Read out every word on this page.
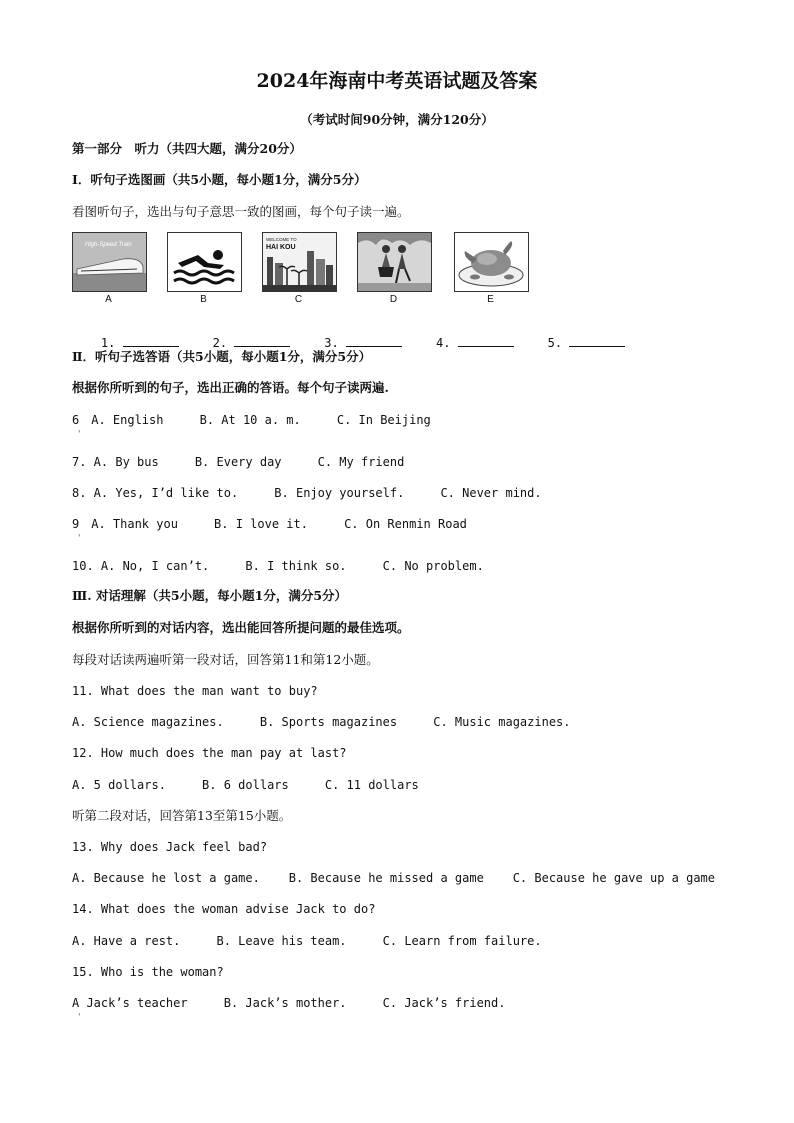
2024年海南中考英语试题及答案
（考试时间90分钟，满分120分）
第一部分　听力（共四大题，满分20分）
Ⅰ．听句子选图画（共5小题，每小题1分，满分5分）
看图听句子，选出与句子意思一致的图画，每个句子读一遍。
High-Speed Train
A	B
WELCOME TO
HAI KOU
C	D	E

1.	2.	3.	4.	5.

Ⅱ．听句子选答语（共5小题，每小题1分，满分5分）
根据你所听到的句子，选出正确的答语。每个句子读两遍.
6　A. English     B. At 10 a. m.     C. In Beijing
'
7. A. By bus     B. Every day     C. My friend
8. A. Yes, I’d like to.     B. Enjoy yourself.     C. Never mind.
9　A. Thank you     B. I love it.     C. On Renmin Road
'
10. A. No, I can’t.     B. I think so.     C. No problem.
Ⅲ. 对话理解（共5小题，每小题1分，满分5分）
根据你所听到的对话内容，选出能回答所提问题的最佳选项。
每段对话读两遍听第一段对话，回答第11和第12小题。
11. What does the man want to buy?
A. Science magazines.     B. Sports magazines     C. Music magazines.
12. How much does the man pay at last?
A. 5 dollars.     B. 6 dollars     C. 11 dollars
听第二段对话，回答第13至第15小题。
13. Why does Jack feel bad?
A. Because he lost a game.    B. Because he missed a game    C. Because he gave up a game
14. What does the woman advise Jack to do?
A. Have a rest.     B. Leave his team.     C. Learn from failure.
15. Who is the woman?
A Jack’s teacher     B. Jack’s mother.     C. Jack’s friend.
'
